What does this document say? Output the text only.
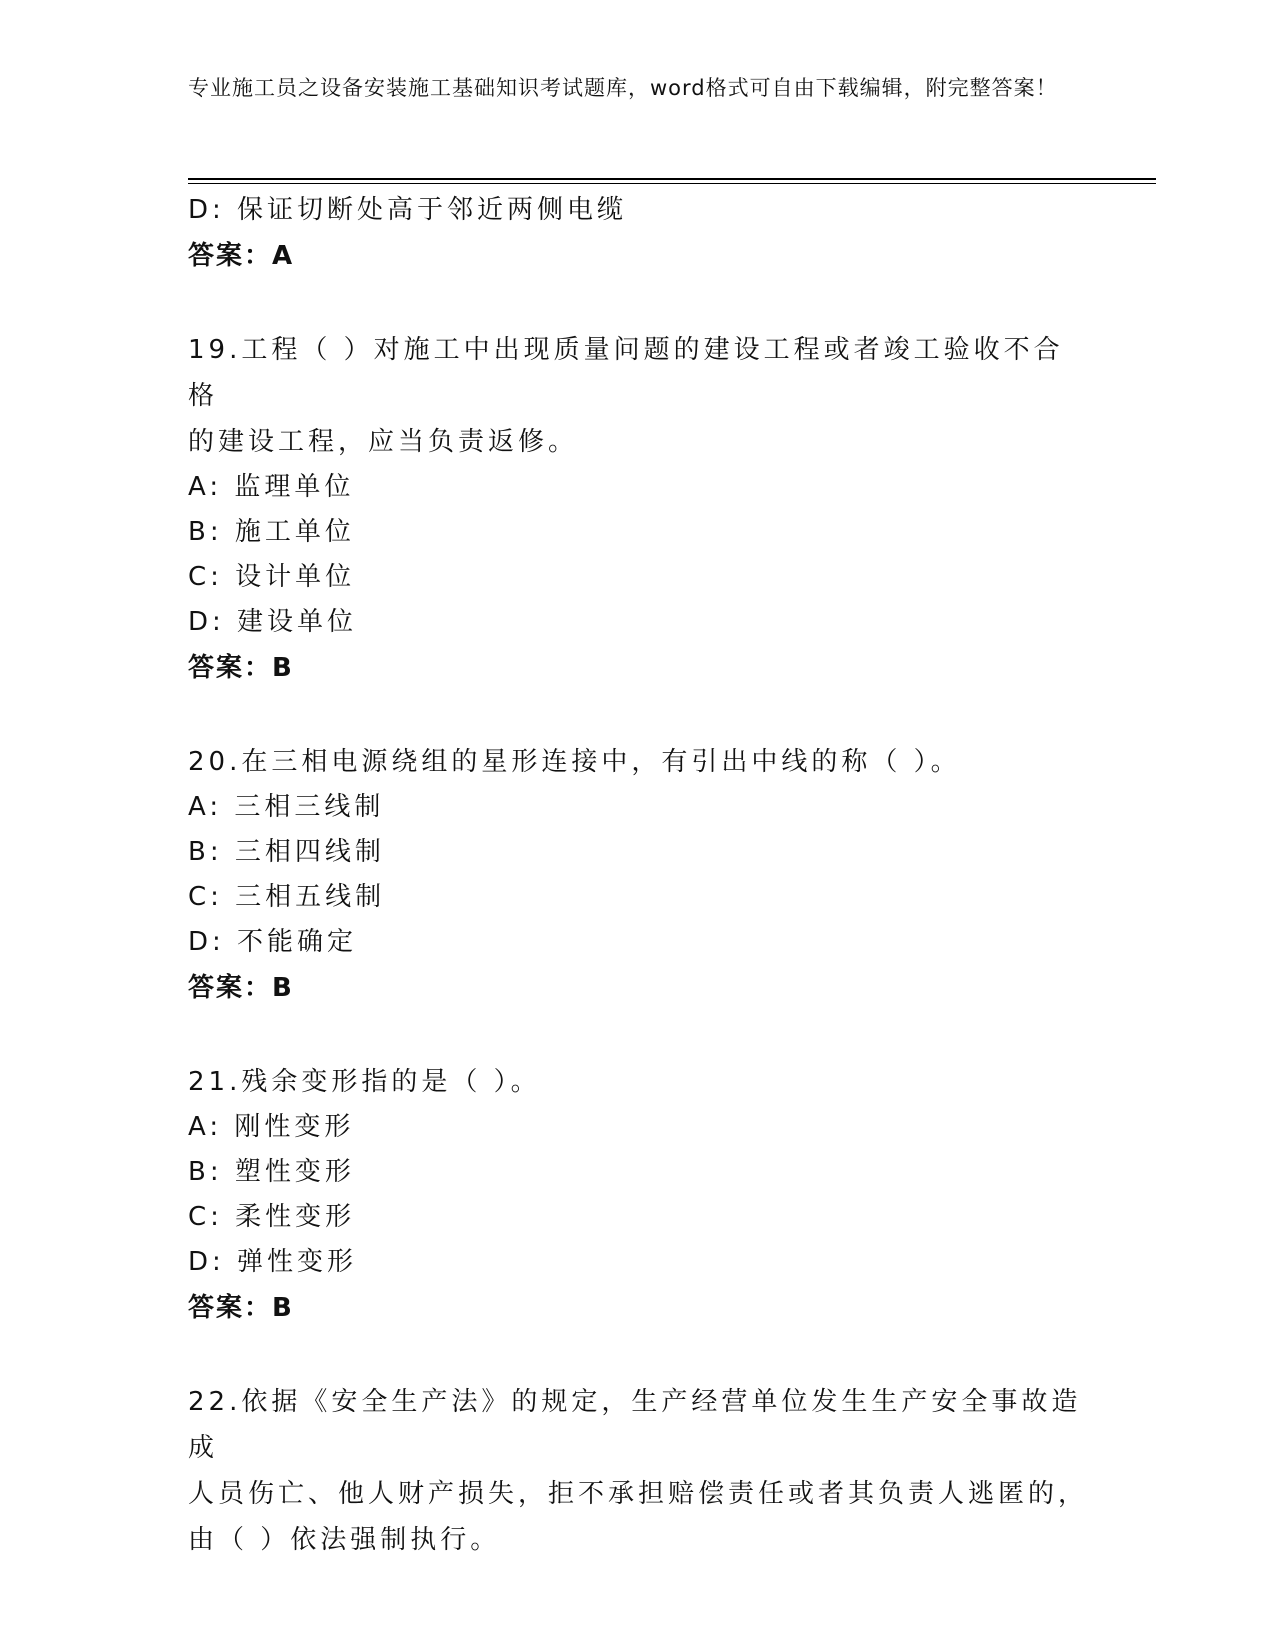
专业施工员之设备安装施工基础知识考试题库，word格式可自由下载编辑，附完整答案！
D: 保证切断处高于邻近两侧电缆
答案：A
19.工程（ ）对施工中出现质量问题的建设工程或者竣工验收不合格
的建设工程，应当负责返修。
A: 监理单位
B: 施工单位
C: 设计单位
D: 建设单位
答案：B
20.在三相电源绕组的星形连接中，有引出中线的称（ ）。
A: 三相三线制
B: 三相四线制
C: 三相五线制
D: 不能确定
答案：B
21.残余变形指的是（ ）。
A: 刚性变形
B: 塑性变形
C: 柔性变形
D: 弹性变形
答案：B
22.依据《安全生产法》的规定，生产经营单位发生生产安全事故造成
人员伤亡、他人财产损失，拒不承担赔偿责任或者其负责人逃匿的，
由（ ）依法强制执行。
